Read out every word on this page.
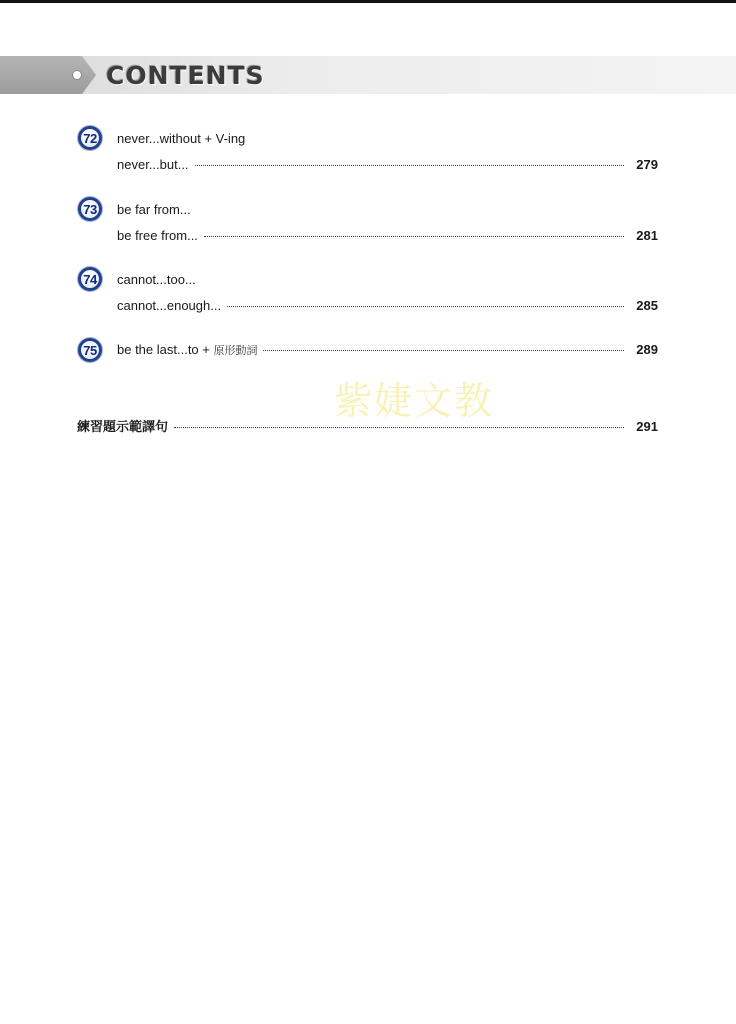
CONTENTS
72	never...without + V-ing
never...but...	279
73	be far from...
be free from...	281
74	cannot...too...
cannot...enough...	285
75	be the last...to + 原形動詞	289
紫婕文教
練習題示範譯句	291
